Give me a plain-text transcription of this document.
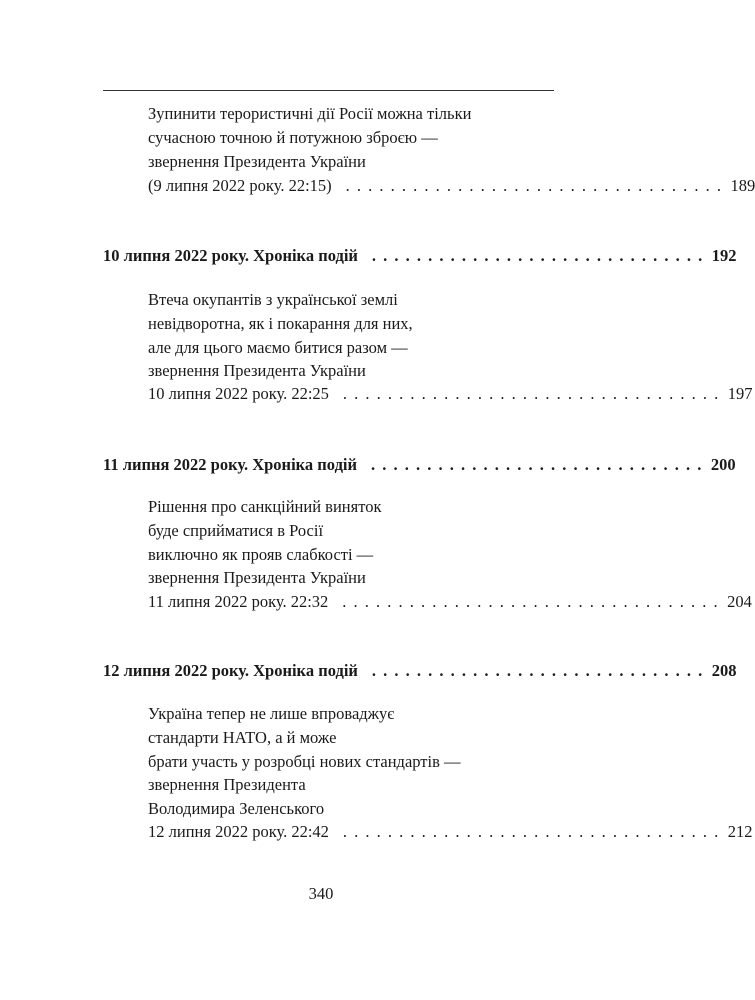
Зупинити терористичні дії Росії можна тільки
сучасною точною й потужною зброєю —
звернення Президента України
(9 липня 2022 року. 22:15) . . . . . . . . . . . . . . . . . . . . . . . . . . . . . . . . . . 189
10 липня 2022 року. Хроніка подій . . . . . . . . . . . . . . . . . . . . . . . . . . . . . . 192
Втеча окупантів з української землі
невідворотна, як і покарання для них,
але для цього маємо битися разом —
звернення Президента України
10 липня 2022 року. 22:25 . . . . . . . . . . . . . . . . . . . . . . . . . . . . . . . . . . 197
11 липня 2022 року. Хроніка подій . . . . . . . . . . . . . . . . . . . . . . . . . . . . . . 200
Рішення про санкційний виняток
буде сприйматися в Росії
виключно як прояв слабкості —
звернення Президента України
11 липня 2022 року. 22:32 . . . . . . . . . . . . . . . . . . . . . . . . . . . . . . . . . . 204
12 липня 2022 року. Хроніка подій . . . . . . . . . . . . . . . . . . . . . . . . . . . . . . 208
Україна тепер не лише впроваджує
стандарти НАТО, а й може
брати участь у розробці нових стандартів —
звернення Президента
Володимира Зеленського
12 липня 2022 року. 22:42 . . . . . . . . . . . . . . . . . . . . . . . . . . . . . . . . . . 212
340
